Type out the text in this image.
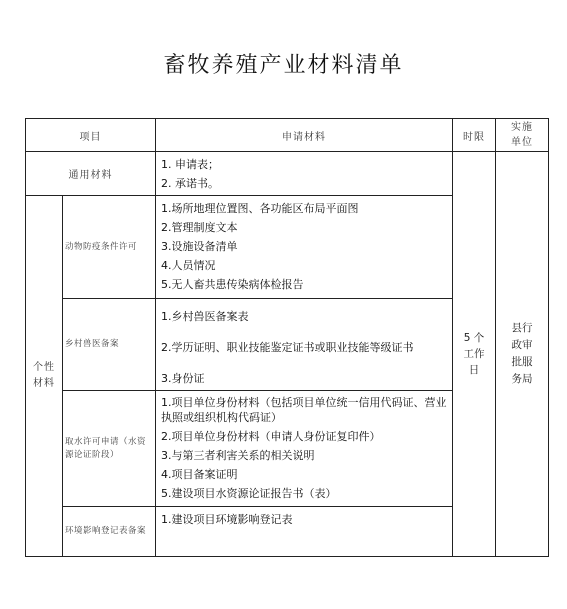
畜牧养殖产业材料清单
项目		申请材料	时限	实施单位
通用材料		1. 申请表；
2. 承诺书。	5 个工作日	县行政审批服务局
个性材料	动物防疫条件许可	1.场所地理位置图、各功能区布局平面图
2.管理制度文本
3.设施设备清单
4.人员情况
5.无人畜共患传染病体检报告		

	乡村兽医备案	1.乡村兽医备案表
2.学历证明、职业技能鉴定证书或职业技能等级证书
3.身份证		

	取水许可申请（水资源论证阶段）	1.项目单位身份材料（包括项目单位统一信用代码证、营业执照或组织机构代码证）
2.项目单位身份材料（申请人身份证复印件）
3.与第三者利害关系的相关说明
4.项目备案证明
5.建设项目水资源论证报告书（表）		

	环境影响登记表备案	1.建设项目环境影响登记表		
